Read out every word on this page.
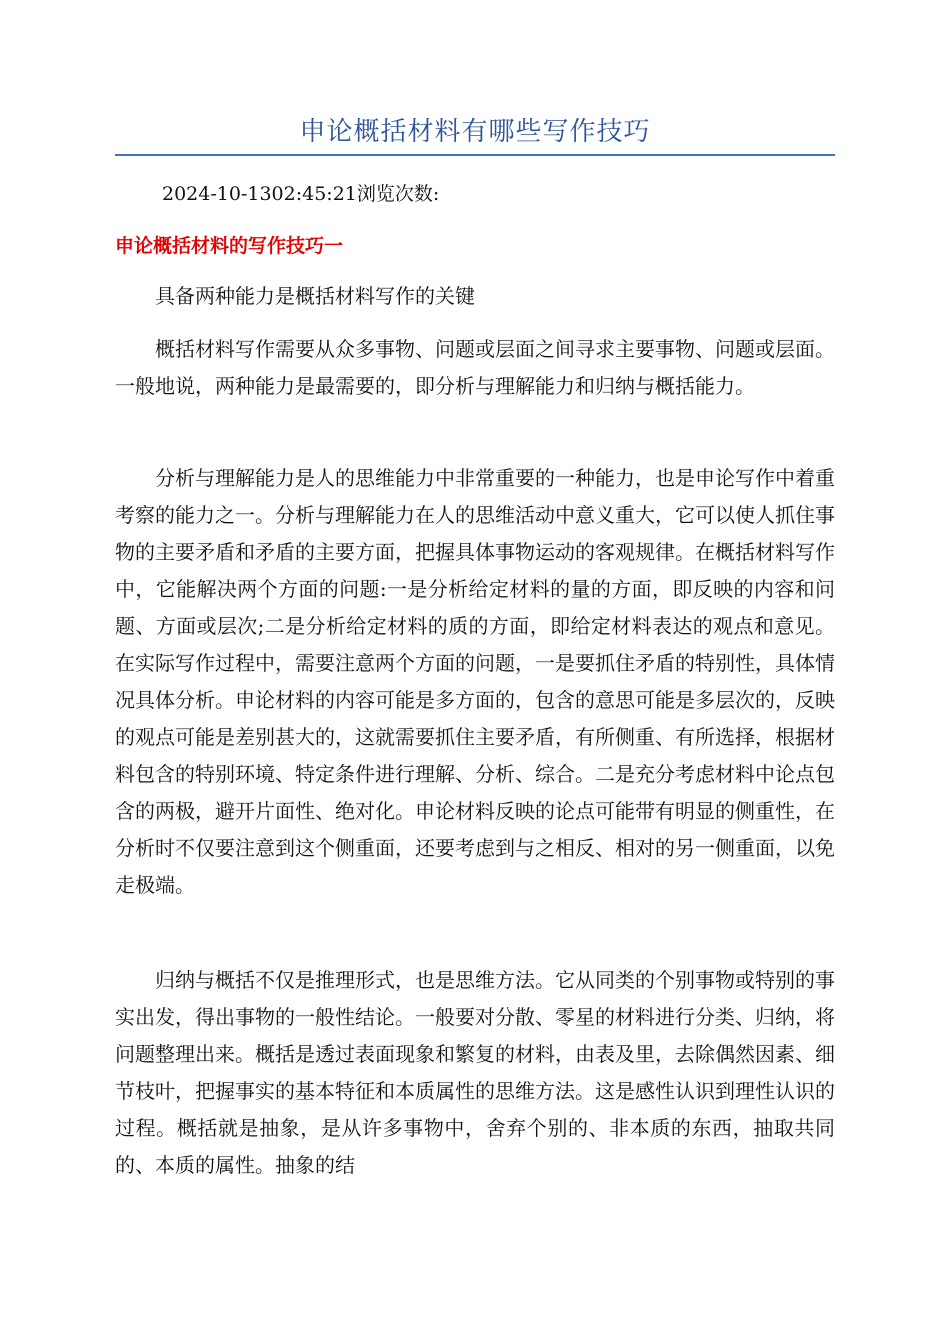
申论概括材料有哪些写作技巧
2024-10-1302:45:21浏览次数:
申论概括材料的写作技巧一

具备两种能力是概括材料写作的关键

概括材料写作需要从众多事物、问题或层面之间寻求主要事物、问题或层面。一般地说，两种能力是最需要的，即分析与理解能力和归纳与概括能力。

分析与理解能力是人的思维能力中非常重要的一种能力，也是申论写作中着重考察的能力之一。分析与理解能力在人的思维活动中意义重大，它可以使人抓住事物的主要矛盾和矛盾的主要方面，把握具体事物运动的客观规律。在概括材料写作中，它能解决两个方面的问题:一是分析给定材料的量的方面，即反映的内容和问题、方面或层次;二是分析给定材料的质的方面，即给定材料表达的观点和意见。在实际写作过程中，需要注意两个方面的问题，一是要抓住矛盾的特别性，具体情况具体分析。申论材料的内容可能是多方面的，包含的意思可能是多层次的，反映的观点可能是差别甚大的，这就需要抓住主要矛盾，有所侧重、有所选择，根据材料包含的特别环境、特定条件进行理解、分析、综合。二是充分考虑材料中论点包含的两极，避开片面性、绝对化。申论材料反映的论点可能带有明显的侧重性，在分析时不仅要注意到这个侧重面，还要考虑到与之相反、相对的另一侧重面，以免走极端。

归纳与概括不仅是推理形式，也是思维方法。它从同类的个别事物或特别的事实出发，得出事物的一般性结论。一般要对分散、零星的材料进行分类、归纳，将问题整理出来。概括是透过表面现象和繁复的材料，由表及里，去除偶然因素、细节枝叶，把握事实的基本特征和本质属性的思维方法。这是感性认识到理性认识的过程。概括就是抽象，是从许多事物中，舍弃个别的、非本质的东西，抽取共同的、本质的属性。抽象的结
